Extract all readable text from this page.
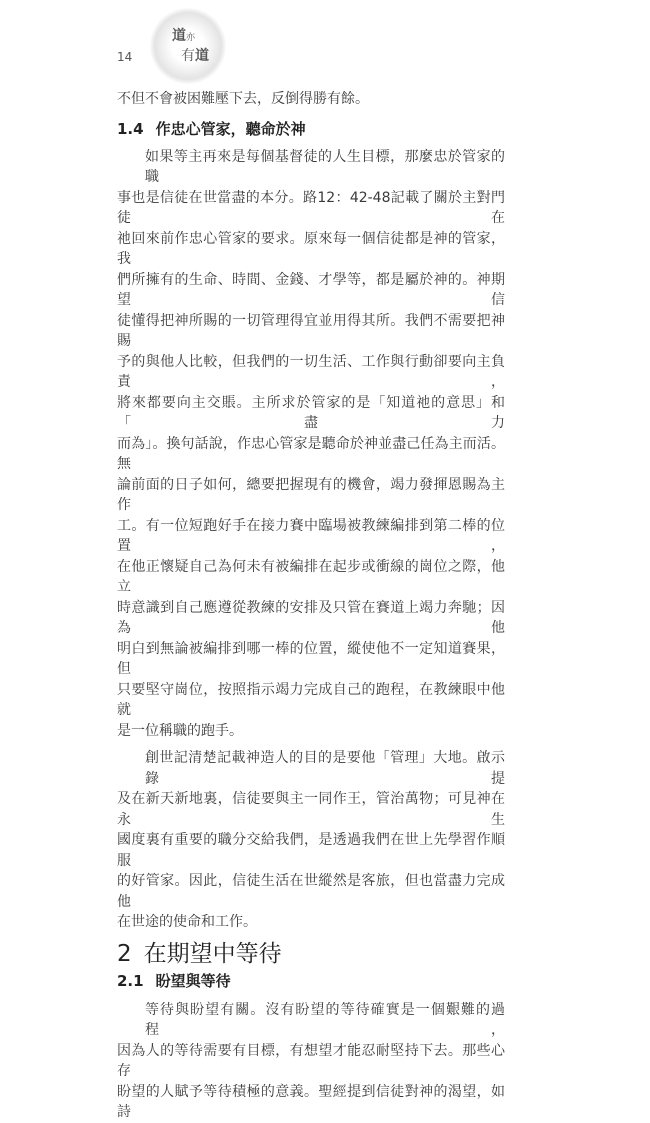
14
道亦
有道
不但不會被困難壓下去，反倒得勝有餘。
1.4 作忠心管家，聽命於神
如果等主再來是每個基督徒的人生目標，那麼忠於管家的職
事也是信徒在世當盡的本分。路12：42-48記載了關於主對門徒在
祂回來前作忠心管家的要求。原來每一個信徒都是神的管家，我
們所擁有的生命、時間、金錢、才學等，都是屬於神的。神期望信
徒懂得把神所賜的一切管理得宜並用得其所。我們不需要把神賜
予的與他人比較，但我們的一切生活、工作與行動卻要向主負責，
將來都要向主交賬。主所求於管家的是「知道祂的意思」和「盡力
而為」。換句話說，作忠心管家是聽命於神並盡己任為主而活。無
論前面的日子如何，總要把握現有的機會，竭力發揮恩賜為主作
工。有一位短跑好手在接力賽中臨場被教練編排到第二棒的位置，
在他正懷疑自己為何未有被編排在起步或衝線的崗位之際，他立
時意識到自己應遵從教練的安排及只管在賽道上竭力奔馳；因為他
明白到無論被編排到哪一棒的位置，縱使他不一定知道賽果，但
只要堅守崗位，按照指示竭力完成自己的跑程，在教練眼中他就
是一位稱職的跑手。
創世記清楚記載神造人的目的是要他「管理」大地。啟示錄提
及在新天新地裏，信徒要與主一同作王，管治萬物；可見神在永生
國度裏有重要的職分交給我們，是透過我們在世上先學習作順服
的好管家。因此，信徒生活在世縱然是客旅，但也當盡力完成他
在世途的使命和工作。
2 在期望中等待
2.1 盼望與等待
等待與盼望有關。沒有盼望的等待確實是一個艱難的過程，
因為人的等待需要有目標，有想望才能忍耐堅持下去。那些心存
盼望的人賦予等待積極的意義。聖經提到信徒對神的渴望，如詩
